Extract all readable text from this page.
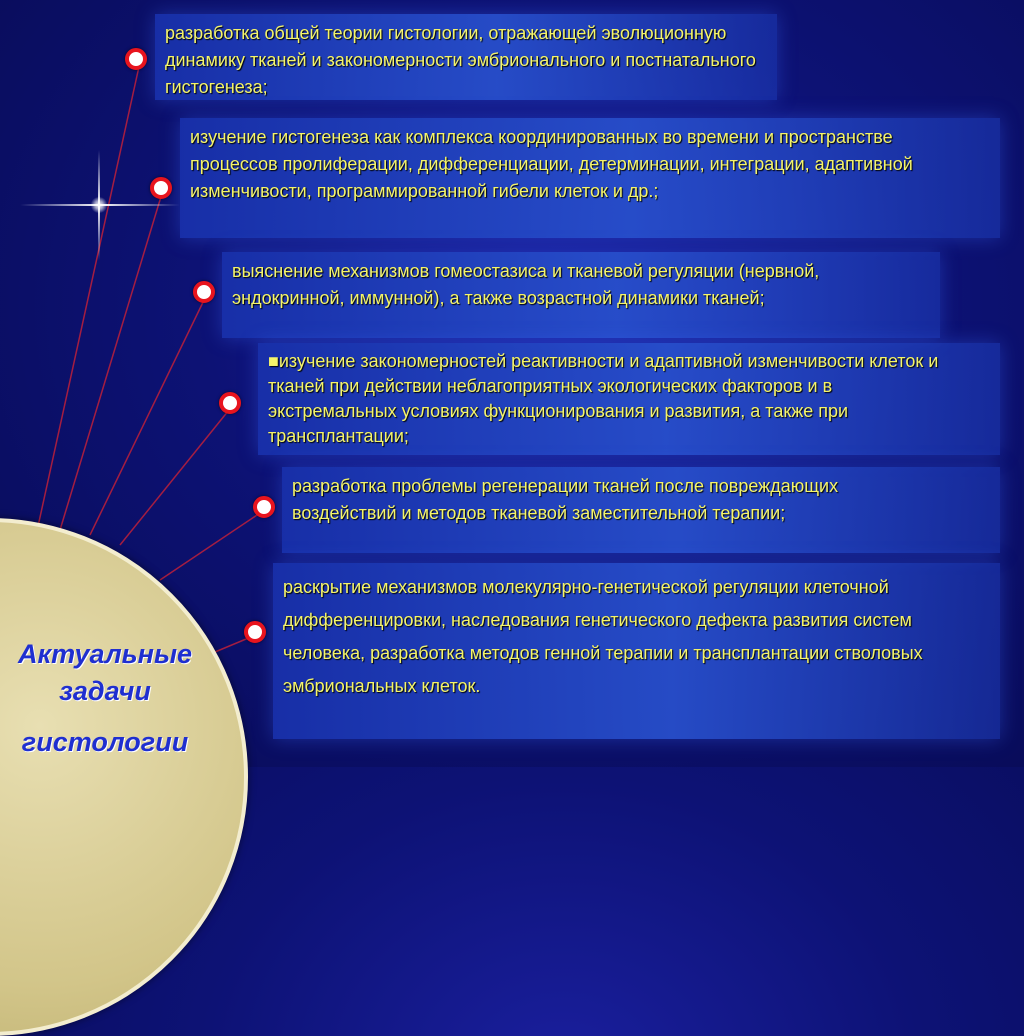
разработка общей теории гистологии, отражающей эволюционную динамику тканей и закономерности эмбрионального и постнатального гистогенеза;

изучение гистогенеза как комплекса координированных во времени и пространстве процессов пролиферации, дифференциации, детерминации, интеграции, адаптивной изменчивости, программированной гибели клеток и др.;

выяснение механизмов гомеостазиса и тканевой регуляции (нервной, эндокринной, иммунной), а также возрастной динамики тканей;

■изучение закономерностей реактивности и адаптивной изменчивости клеток и тканей при действии неблагоприятных экологических факторов и в экстремальных условиях функционирования и развития, а также при трансплантации;

разработка проблемы регенерации тканей после повреждающих воздействий и методов тканевой заместительной терапии;

раскрытие механизмов молекулярно-генетической регуляции клеточной дифференцировки, наследования генетического дефекта развития систем человека, разработка методов генной терапии и трансплантации стволовых эмбриональных клеток.

Актуальные
задачи
гистологии
